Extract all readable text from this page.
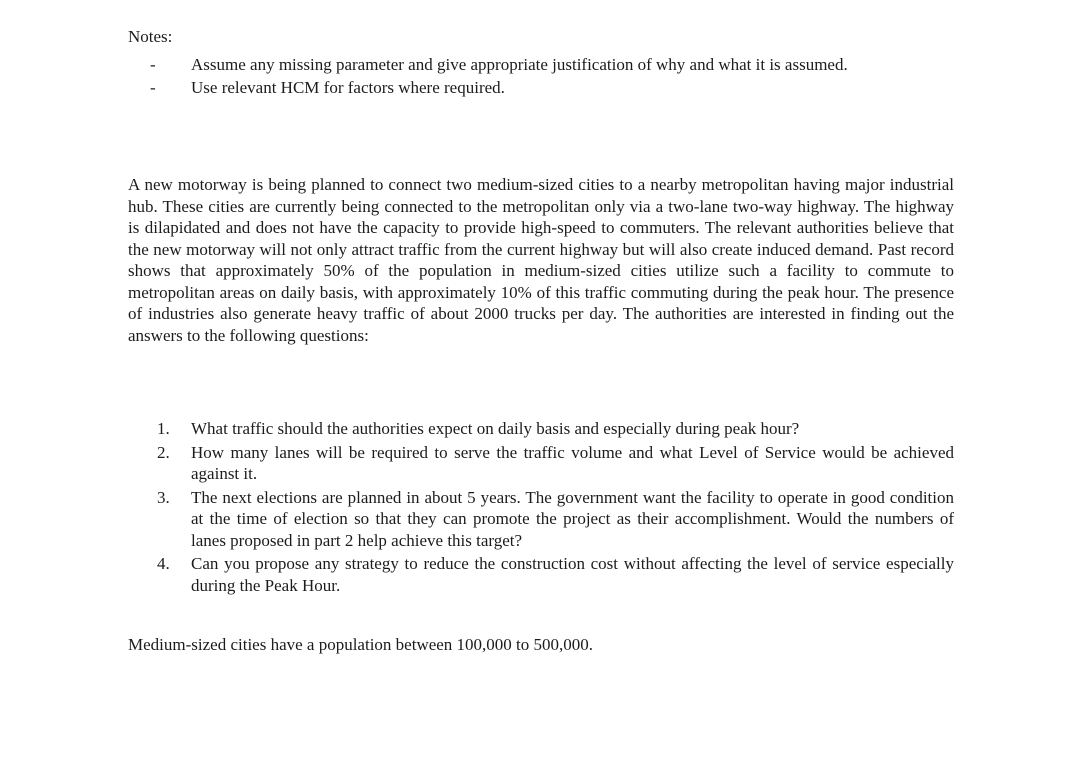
Notes:
-	Assume any missing parameter and give appropriate justification of why and what it is assumed.
-	Use relevant HCM for factors where required.

A new motorway is being planned to connect two medium-sized cities to a nearby metropolitan having major industrial hub. These cities are currently being connected to the metropolitan only via a two-lane two-way highway. The highway is dilapidated and does not have the capacity to provide high-speed to commuters. The relevant authorities believe that the new motorway will not only attract traffic from the current highway but will also create induced demand. Past record shows that approximately 50% of the population in medium-sized cities utilize such a facility to commute to metropolitan areas on daily basis, with approximately 10% of this traffic commuting during the peak hour. The presence of industries also generate heavy traffic of about 2000 trucks per day. The authorities are interested in finding out the answers to the following questions:

1. What traffic should the authorities expect on daily basis and especially during peak hour?
2. How many lanes will be required to serve the traffic volume and what Level of Service would be achieved against it.
3. The next elections are planned in about 5 years. The government want the facility to operate in good condition at the time of election so that they can promote the project as their accomplishment. Would the numbers of lanes proposed in part 2 help achieve this target?
4. Can you propose any strategy to reduce the construction cost without affecting the level of service especially during the Peak Hour.

Medium-sized cities have a population between 100,000 to 500,000.
